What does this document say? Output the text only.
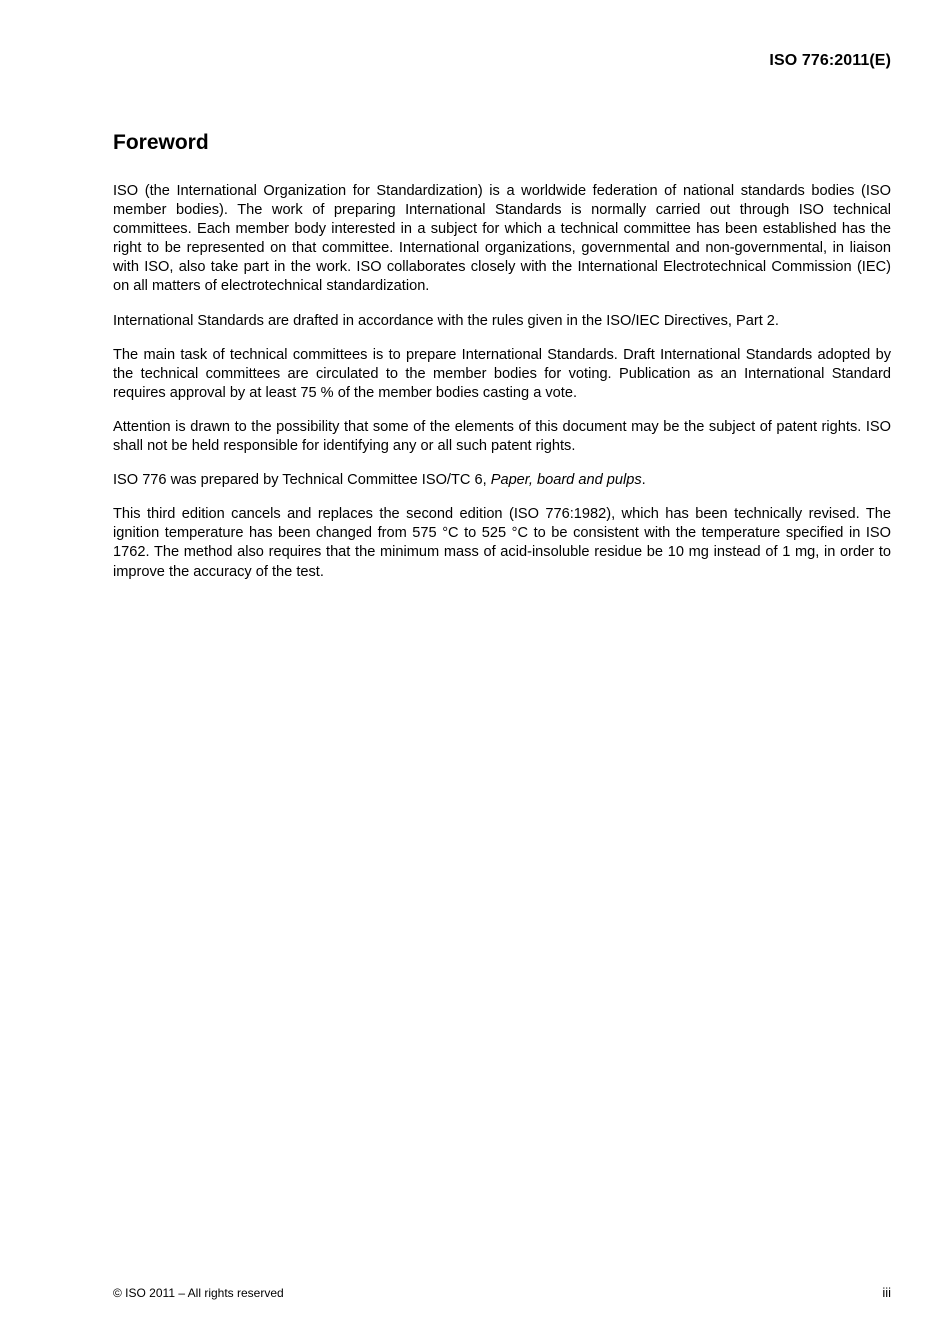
ISO 776:2011(E)
Foreword

ISO (the International Organization for Standardization) is a worldwide federation of national standards bodies (ISO member bodies). The work of preparing International Standards is normally carried out through ISO technical committees. Each member body interested in a subject for which a technical committee has been established has the right to be represented on that committee. International organizations, governmental and non-governmental, in liaison with ISO, also take part in the work. ISO collaborates closely with the International Electrotechnical Commission (IEC) on all matters of electrotechnical standardization.

International Standards are drafted in accordance with the rules given in the ISO/IEC Directives, Part 2.

The main task of technical committees is to prepare International Standards. Draft International Standards adopted by the technical committees are circulated to the member bodies for voting. Publication as an International Standard requires approval by at least 75 % of the member bodies casting a vote.

Attention is drawn to the possibility that some of the elements of this document may be the subject of patent rights. ISO shall not be held responsible for identifying any or all such patent rights.

ISO 776 was prepared by Technical Committee ISO/TC 6, Paper, board and pulps.

This third edition cancels and replaces the second edition (ISO 776:1982), which has been technically revised. The ignition temperature has been changed from 575 °C to 525 °C to be consistent with the temperature specified in ISO 1762. The method also requires that the minimum mass of acid-insoluble residue be 10 mg instead of 1 mg, in order to improve the accuracy of the test.

© ISO 2011 – All rights reserved	iii
